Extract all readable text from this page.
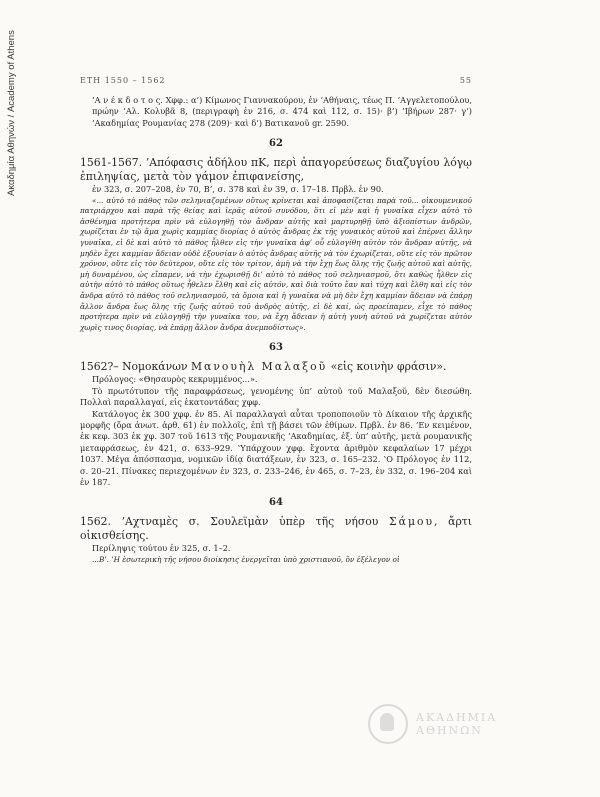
Ακαδημία Αθηνών / Academy of Athens	ΕΤΗ 1550 – 1562	55

’Α ν έ κ δ ο τ ο ς. Χφφ.: α’) Κίμωνος Γιαννακούρου, ἐν ’Αθήναις, τέως Π. ’Αγγελετοπούλου, πρώην ’Αλ. Κολυβᾶ 8, (περιγραφὴ ἐν 216, σ. 474 καὶ 112, σ. 15)· β’) ’Ιβήρων 287· γ’) ’Ακαδημίας Ρουμανίας 278 (209)· καὶ δ’) Βατικανοῦ gr. 2590.

62

1561-1567. ’Απόφασις ἀδήλου πΚ, περὶ ἀπαγορεύσεως διαζυγίου λόγῳ ἐπιληψίας, μετὰ τὸν γάμον ἐπιφανείσης,

ἐν 323, σ. 207–208, ἐν 70, Β’, σ. 378 καὶ ἐν 39, σ. 17–18. Πρβλ. ἐν 90.

«... αὐτὸ τὸ πάθος τῶν σεληνιαζομένων οὕτως κρίνεται καὶ ἀποφασίζεται παρὰ τοῦ... οἰκουμενικοῦ πατριάρχου καὶ παρὰ τῆς θείας καὶ ἱερᾶς αὐτοῦ συνόδου, ὅτι εἰ μὲν καὶ ἡ γυναῖκα εἶχεν αὐτὸ τὸ ἀσθένημα προτήτερα πρὶν νὰ εὐλογηθῇ τὸν ἄνδραν αὐτῆς καὶ μαρτυρηθῇ ὑπὸ ἀξιοπίστων ἀνδρῶν, χωρίζεται ἐν τῷ ἅμα χωρὶς καμμίας διορίας ὁ αὐτὸς ἄνδρας ἐκ τῆς γυναικὸς αὐτοῦ καὶ ἐπέρνει ἄλλην γυναῖκα, εἰ δὲ καὶ αὐτὸ τὸ πάθος ἦλθεν εἰς τὴν γυναῖκα ἀφ’ οὗ εὐλογίθη αὐτὸν τὸν ἄνδραν αὐτῆς, νὰ μηδὲν ἔχει καμμίαν ἄδειαν οὐδὲ ἐξουσίαν ὁ αὐτὸς ἄνδρας αὐτῆς νὰ τὸν ἐχωρίζεται, οὔτε εἰς τὸν πρῶτον χρόνον, οὔτε εἰς τὸν δεύτερον, οὔτε εἰς τὸν τρίτον, ἀμὴ νὰ τὴν ἔχῃ ἕως ὅλης τῆς ζωῆς αὐτοῦ καὶ αὐτῆς, μὴ δυναμένου, ὡς εἴπαμεν, νὰ τὴν ἐχωρισθῇ δι’ αὐτὸ τὸ πάθος τοῦ σεληνιασμοῦ, ὅτι καθὼς ἦλθεν εἰς αὐτὴν αὐτὸ τὸ πάθος οὕτως ἦθελεν ἔλθη καὶ εἰς αὐτόν, καὶ διὰ τοῦτο ἔαν καὶ τύχη καὶ ἔλθη καὶ εἰς τὸν ἄνδρα αὐτὸ τὸ πάθος τοῦ σεληνιασμοῦ, τὰ ὅμοια καὶ ἡ γυναῖκα νὰ μὴ δὲν ἔχη καμμίαν ἄδειαν νὰ ἐπάρῃ ἄλλον ἄνδρα ἕως ὅλης τῆς ζωῆς αὐτοῦ τοῦ ἀνδρὸς αὐτῆς, εἰ δὲ καί, ὡς προείπαμεν, εἶχε τὸ πάθος προτήτερα πρὶν νὰ εὐλογηθῇ τὴν γυναῖκα του, νὰ ἔχη ἄδειαν ἡ αὐτὴ γυνὴ αὐτοῦ νὰ χωρίζεται αὐτὸν χωρὶς τινος διορίας, νὰ ἐπάρῃ ἄλλον ἄνδρα ἀνεμποδίστως».

63

1562?– Νομοκάνων Μανουὴλ Μαλαξοῦ «εἰς κοινὴν φράσιν».

Πρόλογος: «Θησαυρὸς κεκρυμμένος...».

Τὸ πρωτότυπον τῆς παραφράσεως, γενομένης ὑπ’ αὐτοῦ τοῦ Μαλαξοῦ, δὲν διεσώθη. Πολλαὶ παραλλαγαί, εἰς ἑκατοντάδας χφφ.

Κατάλογος ἐκ 300 χφφ. ἐν 85. Αἱ παραλλαγαὶ αὗται τροποποιοῦν τὸ Δίκαιον τῆς ἀρχικῆς μορφῆς (ὅρα ἀνωτ. ἀρθ. 61) ἐν πολλοῖς, ἐπὶ τῇ βάσει τῶν ἐθίμων. Πρβλ. ἐν 86. ’Εν κειμένον, ἐκ κεφ. 303 ἐκ χφ. 307 τοῦ 1613 τῆς Ρουμανικῆς ’Ακαδημίας, ἐξ. ὑπ’ αὐτῆς, μετὰ ρουμανικῆς μεταφράσεως, ἐν 421, σ. 633–929. ‛Υπάρχουν χφφ. ἔχοντα ἀριθμὸν κεφαλαίων 17 μέχρι 1037. Μέγα ἀπόσπασμα, νομικῶν ἰδίᾳ διατάξεων, ἐν 323, σ. 165–232. ‛Ο Πρόλογος ἐν 112, σ. 20–21. Πίνακες περιεχομένων ἐν 323, σ. 233–246, ἐν 465, σ. 7–23, ἐν 332, σ. 196–204 καὶ ἐν 187.

64

1562. ’Αχτναμὲς σ. Σουλεϊμὰν ὑπὲρ τῆς νήσου Σάμου, ἄρτι οἰκισθείσης.

Περίληψις τούτου ἐν 325, σ. 1–2.

...Β’. ‛Η ἐσωτερικὴ τῆς νήσου διοίκησις ἐνεργεῖται ὑπὸ χριστιανοῦ, ὃν ἐξέλεγον οἱ

ΑΚΑΔΗΜΙΑ
ΑΘΗΝΩΝ
